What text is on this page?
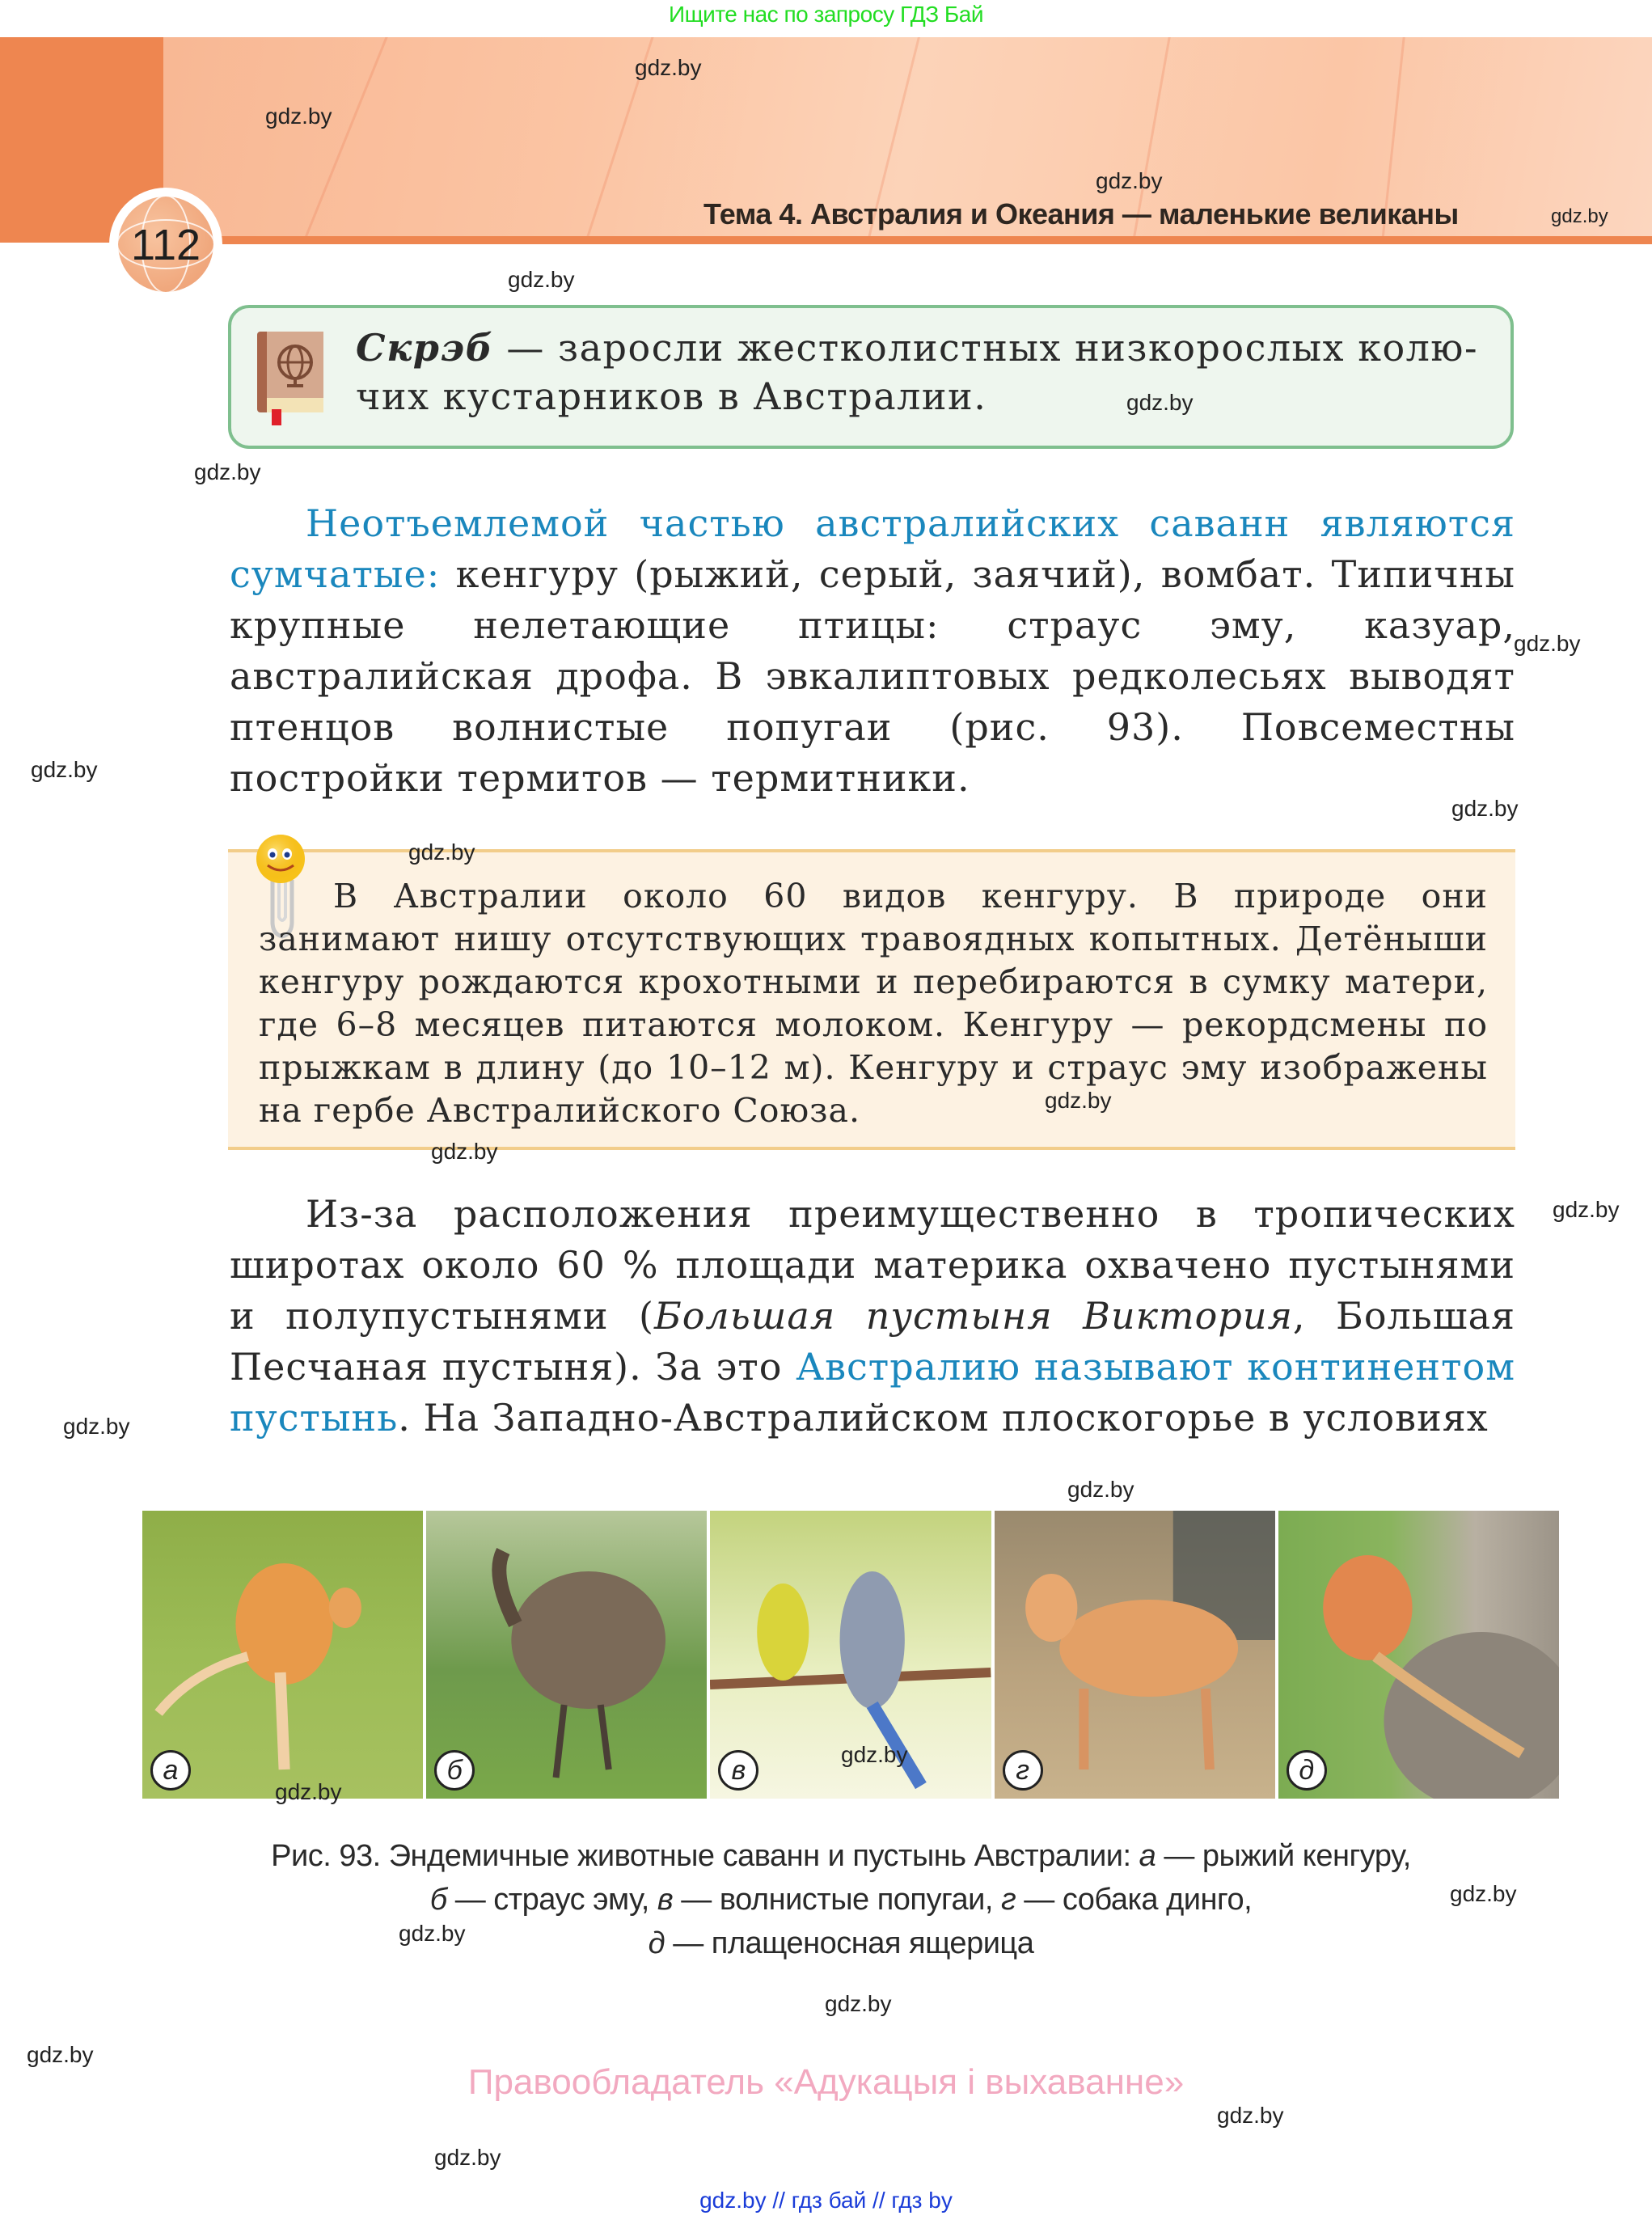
Ищите нас по запросу ГДЗ Бай
Тема 4. Австралия и Океания — маленькие великаны
112
Скрэб — заросли жестколистных низкорослых колю-
чих кустарников в Австралии.
Неотъемлемой частью австралийских саванн являются сумчатые: кенгуру (рыжий, серый, заячий), вомбат. Типичны крупные нелетающие птицы: страус эму, казуар, австралийская дрофа. В эвкалиптовых редколесьях выводят птенцов волнистые попугаи (рис. 93). Повсеместны постройки термитов — термитники.
В Австралии около 60 видов кенгуру. В природе они занимают нишу отсутствующих травоядных копытных. Детёныши кенгуру рождаются крохотными и перебираются в сумку матери, где 6–8 месяцев питаются молоком. Кенгуру — рекордсмены по прыжкам в длину (до 10–12 м). Кенгуру и страус эму изображены на гербе Австралийского Союза.
Из-за расположения преимущественно в тропических широтах около 60 % площади материка охвачено пустынями и полупустынями (Большая пустыня Виктория, Большая Песчаная пустыня). За это Австралию называют континентом пустынь. На Западно-Австралийском плоскогорье в условиях
а	б	в	г	д
Рис. 93. Эндемичные животные саванн и пустынь Австралии: а — рыжий кенгуру,
б — страус эму, в — волнистые попугаи, г — собака динго,
д — плащеносная ящерица
Правообладатель «Адукацыя і выхаванне»
gdz.by // гдз бай // гдз by
gdz.by
gdz.by
gdz.by
gdz.by
gdz.by
gdz.by
gdz.by
gdz.by
gdz.by
gdz.by
gdz.by
gdz.by
gdz.by
gdz.by
gdz.by
gdz.by
gdz.by
gdz.by
gdz.by
gdz.by
gdz.by
gdz.by
gdz.by
gdz.by
